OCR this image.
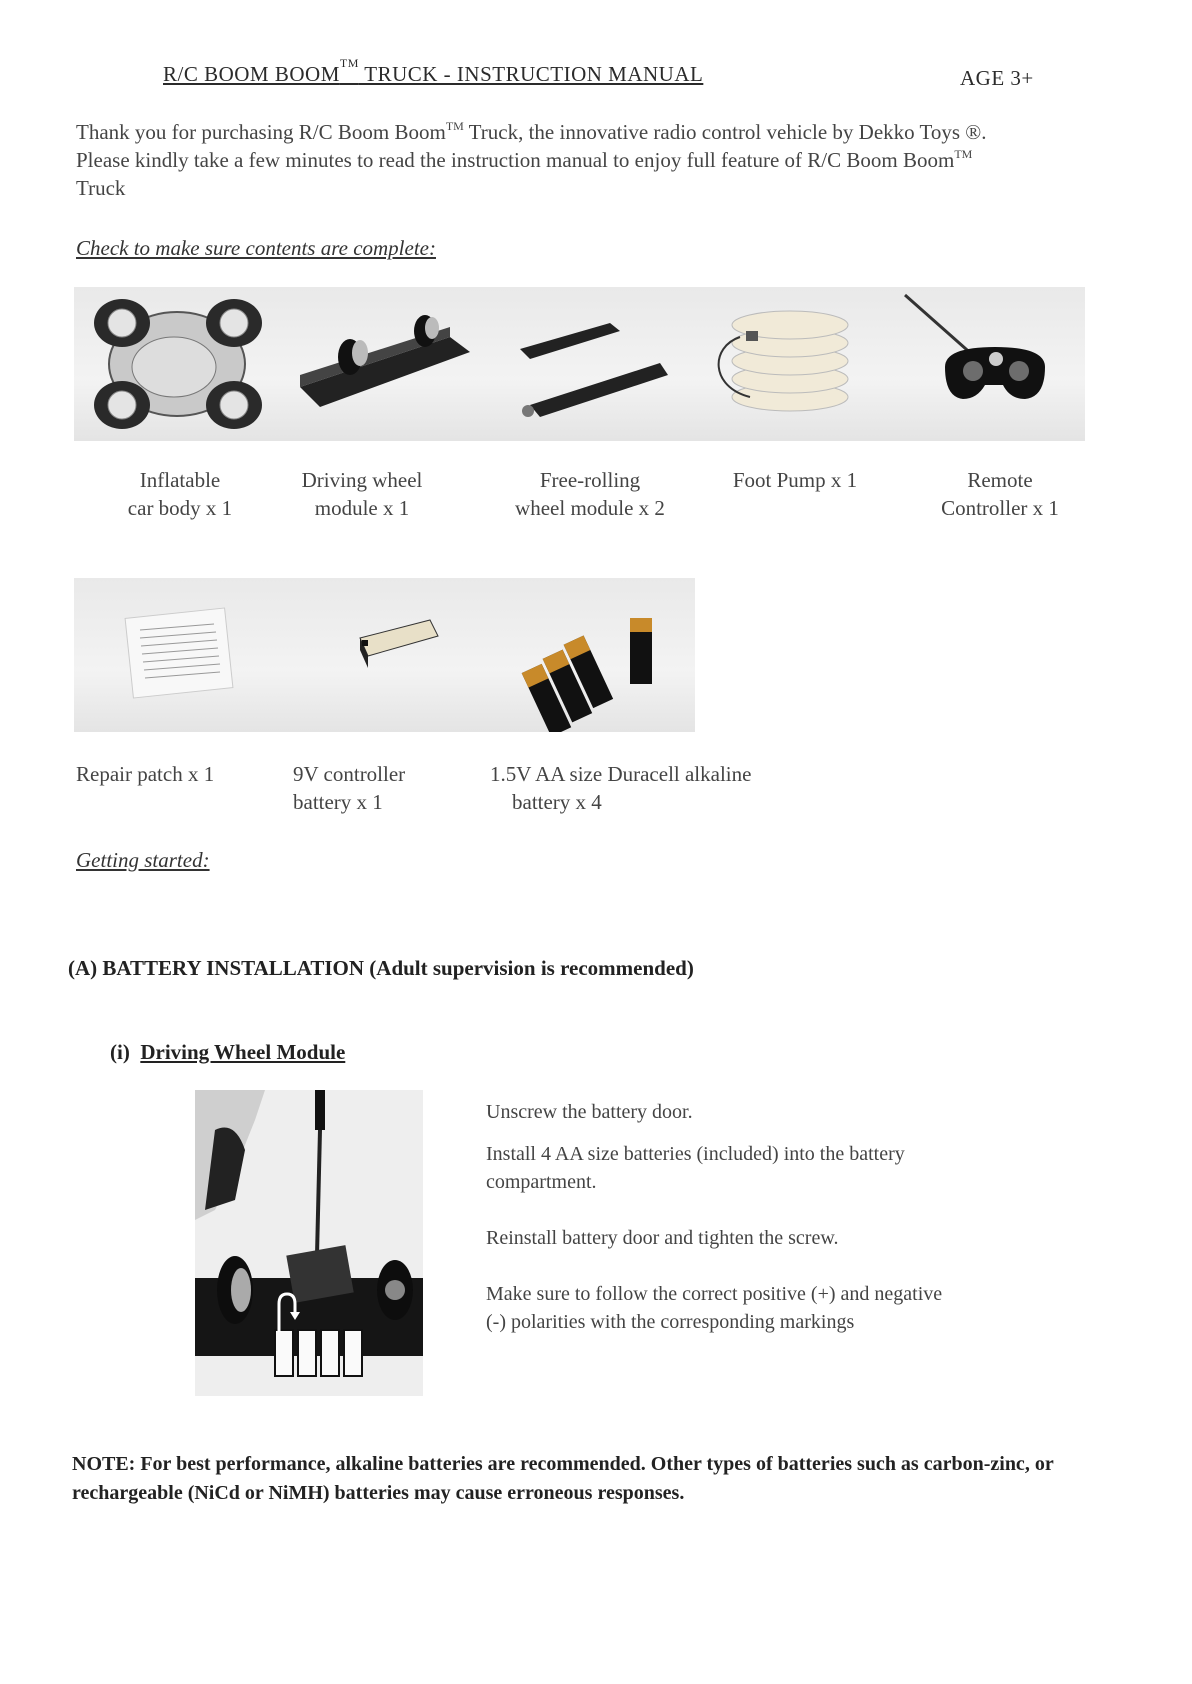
R/C BOOM BOOM™ TRUCK - INSTRUCTION MANUAL	AGE 3+
Thank you for purchasing R/C Boom Boom™ Truck, the innovative radio control vehicle by Dekko Toys ®.
Please kindly take a few minutes to read the instruction manual to enjoy full feature of R/C Boom Boom™
Truck
Check to make sure contents are complete:
Inflatable
car body x 1
Driving wheel
module x 1
Free-rolling
wheel module x 2
Foot Pump x 1	Remote
Controller x 1
Repair patch x 1	9V controller
battery x 1
1.5V AA size Duracell alkaline
battery x 4
Getting started:
(A) BATTERY INSTALLATION (Adult supervision is recommended)
(i) Driving Wheel Module
Unscrew the battery door.
Install 4 AA size batteries (included) into the battery compartment.
Reinstall battery door and tighten the screw.
Make sure to follow the correct positive (+) and negative (-) polarities with the corresponding markings
NOTE: For best performance, alkaline batteries are recommended. Other types of batteries such as carbon-zinc, or rechargeable (NiCd or NiMH) batteries may cause erroneous responses.
